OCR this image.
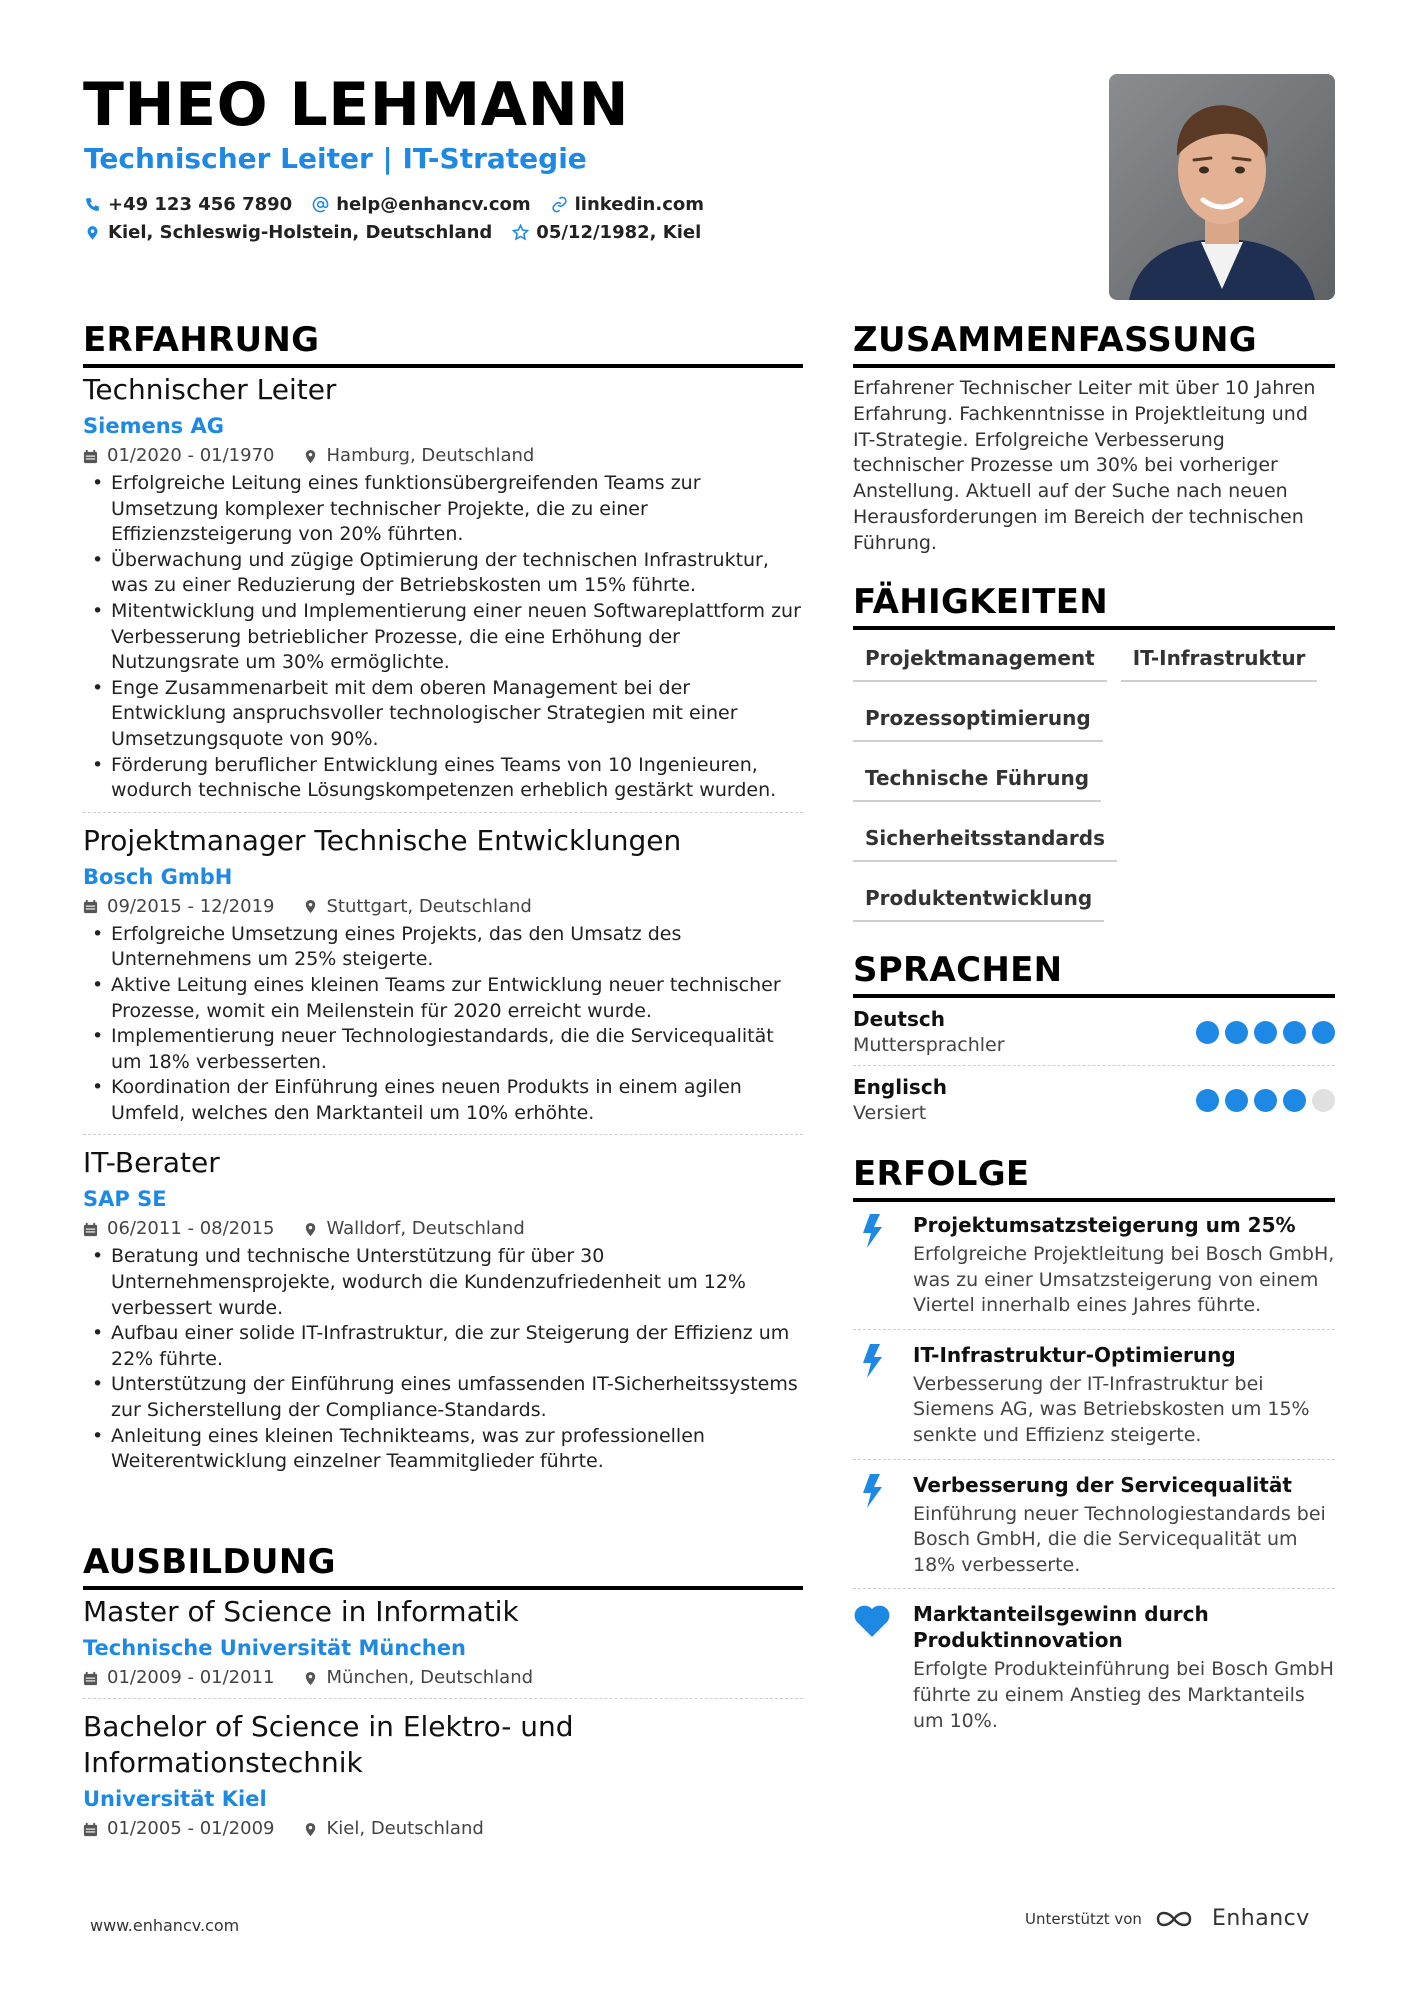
THEO LEHMANN
Technischer Leiter | IT-Strategie
+49 123 456 7890 help@enhancv.com linkedin.com
Kiel, Schleswig-Holstein, Deutschland 05/12/1982, Kiel
ERFAHRUNG
Technischer Leiter
Siemens AG
01/2020 - 01/1970	Hamburg, Deutschland
• Erfolgreiche Leitung eines funktionsübergreifenden Teams zur Umsetzung komplexer technischer Projekte, die zu einer Effizienzsteigerung von 20% führten.
• Überwachung und zügige Optimierung der technischen Infrastruktur, was zu einer Reduzierung der Betriebskosten um 15% führte.
• Mitentwicklung und Implementierung einer neuen Softwareplattform zur Verbesserung betrieblicher Prozesse, die eine Erhöhung der Nutzungsrate um 30% ermöglichte.
• Enge Zusammenarbeit mit dem oberen Management bei der Entwicklung anspruchsvoller technologischer Strategien mit einer Umsetzungsquote von 90%.
• Förderung beruflicher Entwicklung eines Teams von 10 Ingenieuren, wodurch technische Lösungskompetenzen erheblich gestärkt wurden.
Projektmanager Technische Entwicklungen
Bosch GmbH
09/2015 - 12/2019	Stuttgart, Deutschland
• Erfolgreiche Umsetzung eines Projekts, das den Umsatz des Unternehmens um 25% steigerte.
• Aktive Leitung eines kleinen Teams zur Entwicklung neuer technischer Prozesse, womit ein Meilenstein für 2020 erreicht wurde.
• Implementierung neuer Technologiestandards, die die Servicequalität um 18% verbesserten.
• Koordination der Einführung eines neuen Produkts in einem agilen Umfeld, welches den Marktanteil um 10% erhöhte.
IT-Berater
SAP SE
06/2011 - 08/2015	Walldorf, Deutschland
• Beratung und technische Unterstützung für über 30 Unternehmensprojekte, wodurch die Kundenzufriedenheit um 12% verbessert wurde.
• Aufbau einer solide IT-Infrastruktur, die zur Steigerung der Effizienz um 22% führte.
• Unterstützung der Einführung eines umfassenden IT-Sicherheitssystems zur Sicherstellung der Compliance-Standards.
• Anleitung eines kleinen Technikteams, was zur professionellen Weiterentwicklung einzelner Teammitglieder führte.
AUSBILDUNG
Master of Science in Informatik
Technische Universität München
01/2009 - 01/2011	München, Deutschland
Bachelor of Science in Elektro- und Informationstechnik
Universität Kiel
01/2005 - 01/2009	Kiel, Deutschland
ZUSAMMENFASSUNG
Erfahrener Technischer Leiter mit über 10 Jahren Erfahrung. Fachkenntnisse in Projektleitung und IT-Strategie. Erfolgreiche Verbesserung technischer Prozesse um 30% bei vorheriger Anstellung. Aktuell auf der Suche nach neuen Herausforderungen im Bereich der technischen Führung.
FÄHIGKEITEN
Projektmanagement	IT-Infrastruktur
Prozessoptimierung
Technische Führung
Sicherheitsstandards
Produktentwicklung
SPRACHEN
Deutsch
Muttersprachler
Englisch
Versiert
ERFOLGE
Projektumsatzsteigerung um 25%
Erfolgreiche Projektleitung bei Bosch GmbH, was zu einer Umsatzsteigerung von einem Viertel innerhalb eines Jahres führte.
IT-Infrastruktur-Optimierung
Verbesserung der IT-Infrastruktur bei Siemens AG, was Betriebskosten um 15% senkte und Effizienz steigerte.
Verbesserung der Servicequalität
Einführung neuer Technologiestandards bei Bosch GmbH, die die Servicequalität um 18% verbesserte.
Marktanteilsgewinn durch Produktinnovation
Erfolgte Produkteinführung bei Bosch GmbH führte zu einem Anstieg des Marktanteils um 10%.
www.enhancv.com	Unterstützt von	Enhancv
